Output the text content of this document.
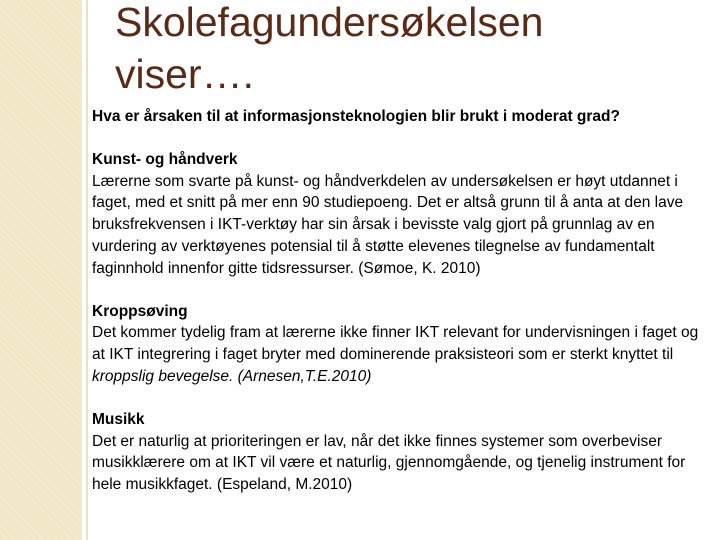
Skolefagundersøkelsen
viser….

Hva er årsaken til at informasjonsteknologien blir brukt i moderat grad?

Kunst- og håndverk
Lærerne som svarte på kunst- og håndverkdelen av undersøkelsen er høyt utdannet i faget, med et snitt på mer enn 90 studiepoeng. Det er altså grunn til å anta at den lave bruksfrekvensen i IKT-verktøy har sin årsak i bevisste valg gjort på grunnlag av en vurdering av verktøyenes potensial til å støtte elevenes tilegnelse av fundamentalt faginnhold innenfor gitte tidsressurser. (Sømoe, K. 2010)
Kroppsøving
Det kommer tydelig fram at lærerne ikke finner IKT relevant for undervisningen i faget og at IKT integrering i faget bryter med dominerende praksisteori som er sterkt knyttet til kroppslig bevegelse. (Arnesen,T.E.2010)
Musikk
Det er naturlig at prioriteringen er lav, når det ikke finnes systemer som overbeviser musikklærere om at IKT vil være et naturlig, gjennomgående, og tjenelig instrument for hele musikkfaget. (Espeland, M.2010)
